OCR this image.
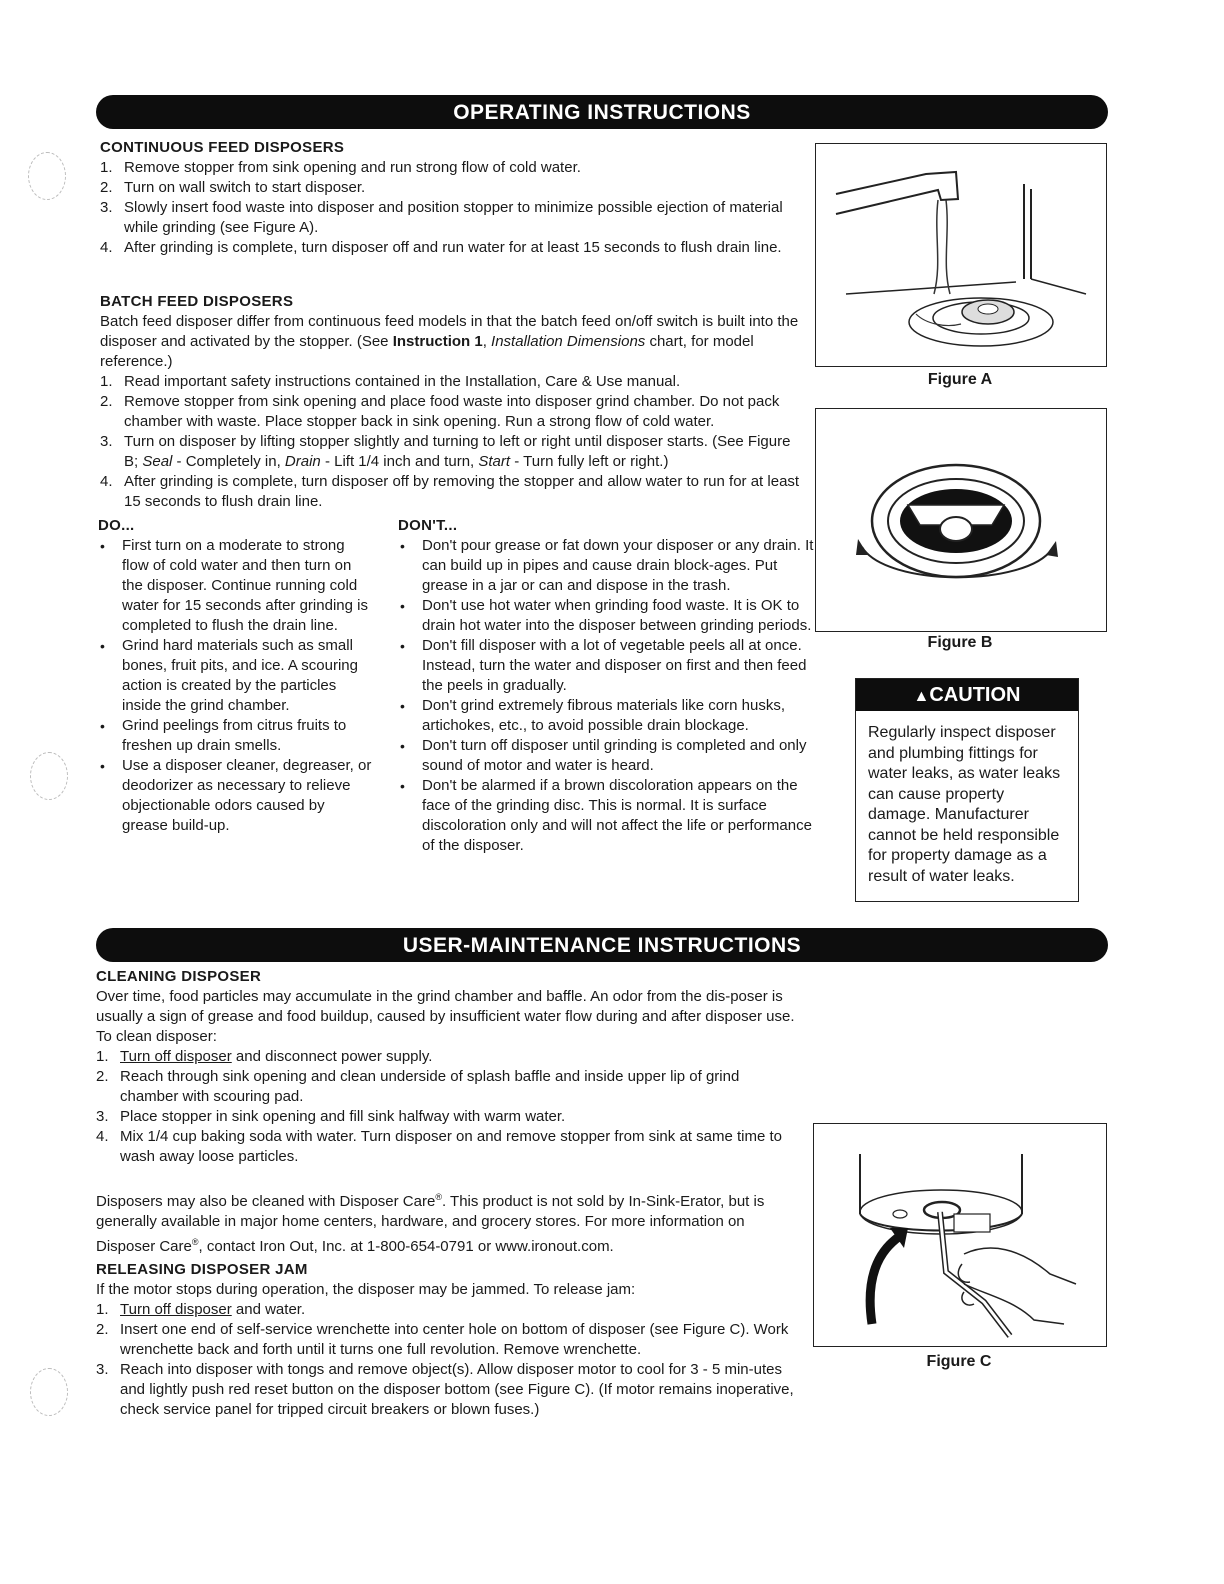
OPERATING INSTRUCTIONS
CONTINUOUS FEED DISPOSERS
1. Remove stopper from sink opening and run strong flow of cold water.
2. Turn on wall switch to start disposer.
3. Slowly insert food waste into disposer and position stopper to minimize possible ejection of material while grinding (see Figure A).
4. After grinding is complete, turn disposer off and run water for at least 15 seconds to flush drain line.
BATCH FEED DISPOSERS
Batch feed disposer differ from continuous feed models in that the batch feed on/off switch is built into the disposer and activated by the stopper. (See Instruction 1, Installation Dimensions chart, for model reference.)
1. Read important safety instructions contained in the Installation, Care & Use manual.
2. Remove stopper from sink opening and place food waste into disposer grind chamber. Do not pack chamber with waste. Place stopper back in sink opening. Run a strong flow of cold water.
3. Turn on disposer by lifting stopper slightly and turning to left or right until disposer starts. (See Figure B; Seal - Completely in, Drain - Lift 1/4 inch and turn, Start - Turn fully left or right.)
4. After grinding is complete, turn disposer off by removing the stopper and allow water to run for at least 15 seconds to flush drain line.
DO...
• First turn on a moderate to strong flow of cold water and then turn on the disposer. Continue running cold water for 15 seconds after grinding is completed to flush the drain line.
• Grind hard materials such as small bones, fruit pits, and ice. A scouring action is created by the particles inside the grind chamber.
• Grind peelings from citrus fruits to freshen up drain smells.
• Use a disposer cleaner, degreaser, or deodorizer as necessary to relieve objectionable odors caused by grease build-up.
DON'T...
• Don't pour grease or fat down your disposer or any drain. It can build up in pipes and cause drain block-ages. Put grease in a jar or can and dispose in the trash.
• Don't use hot water when grinding food waste. It is OK to drain hot water into the disposer between grinding periods.
• Don't fill disposer with a lot of vegetable peels all at once. Instead, turn the water and disposer on first and then feed the peels in gradually.
• Don't grind extremely fibrous materials like corn husks, artichokes, etc., to avoid possible drain blockage.
• Don't turn off disposer until grinding is completed and only sound of motor and water is heard.
• Don't be alarmed if a brown discoloration appears on the face of the grinding disc. This is normal. It is surface discoloration only and will not affect the life or performance of the disposer.
Figure A
Figure B
▲CAUTION
Regularly inspect disposer and plumbing fittings for water leaks, as water leaks can cause property damage. Manufacturer cannot be held responsible for property damage as a result of water leaks.
USER-MAINTENANCE INSTRUCTIONS
CLEANING DISPOSER
Over time, food particles may accumulate in the grind chamber and baffle. An odor from the dis-poser is usually a sign of grease and food buildup, caused by insufficient water flow during and after disposer use. To clean disposer:
1. Turn off disposer and disconnect power supply.
2. Reach through sink opening and clean underside of splash baffle and inside upper lip of grind chamber with scouring pad.
3. Place stopper in sink opening and fill sink halfway with warm water.
4. Mix 1/4 cup baking soda with water. Turn disposer on and remove stopper from sink at same time to wash away loose particles.
Disposers may also be cleaned with Disposer Care®. This product is not sold by In-Sink-Erator, but is generally available in major home centers, hardware, and grocery stores. For more information on Disposer Care®, contact Iron Out, Inc. at 1-800-654-0791 or www.ironout.com.
RELEASING DISPOSER JAM
If the motor stops during operation, the disposer may be jammed. To release jam:
1. Turn off disposer and water.
2. Insert one end of self-service wrenchette into center hole on bottom of disposer (see Figure C). Work wrenchette back and forth until it turns one full revolution. Remove wrenchette.
3. Reach into disposer with tongs and remove object(s). Allow disposer motor to cool for 3 - 5 min-utes and lightly push red reset button on the disposer bottom (see Figure C). (If motor remains inoperative, check service panel for tripped circuit breakers or blown fuses.)
Figure C
